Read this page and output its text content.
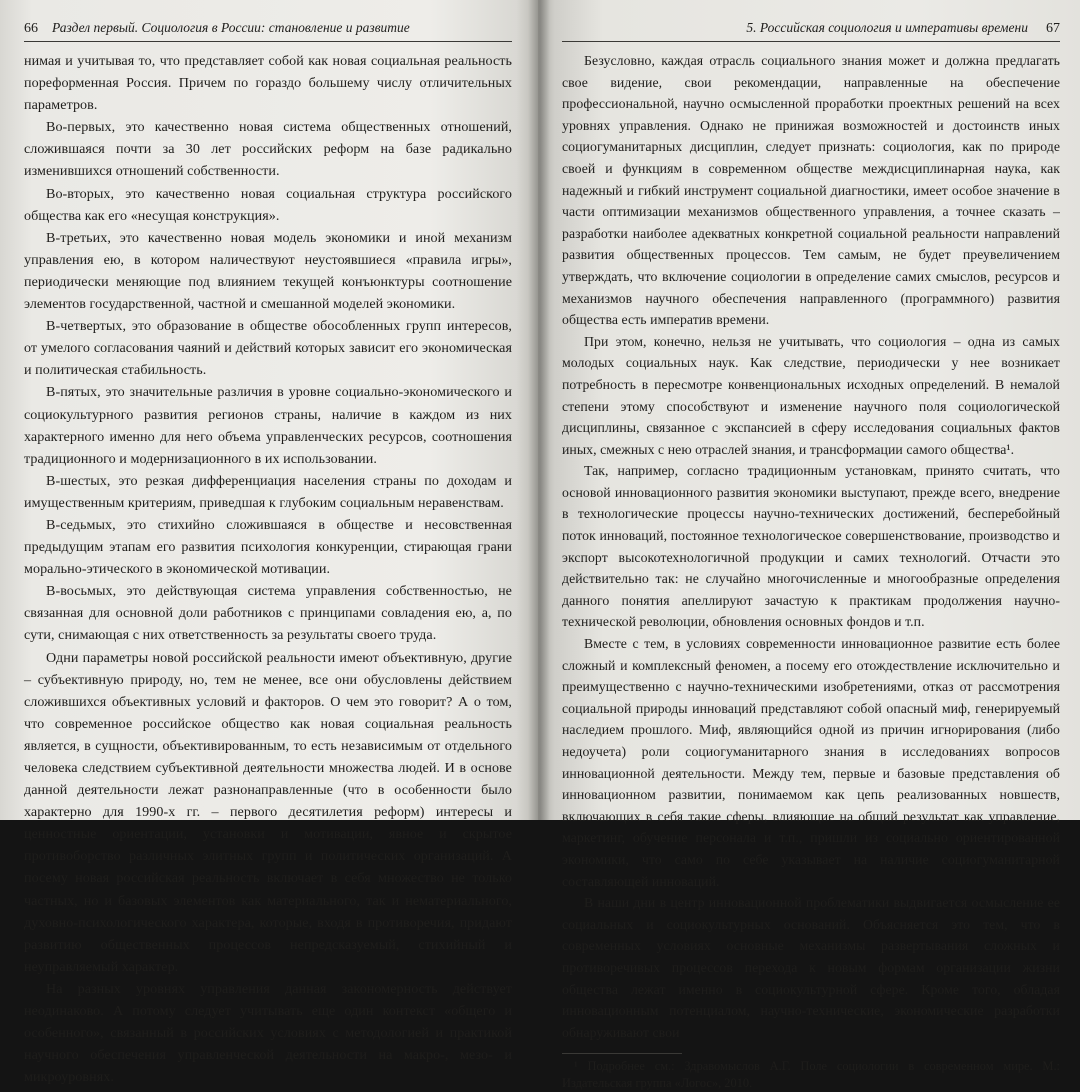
66 Раздел первый. Социология в России: становление и развитие

нимая и учитывая то, что представляет собой как новая социальная реальность пореформенная Россия. Причем по гораздо большему числу отличительных параметров.

Во-первых, это качественно новая система общественных отношений, сложившаяся почти за 30 лет российских реформ на базе радикально изменившихся отношений собственности.

Во-вторых, это качественно новая социальная структура российского общества как его «несущая конструкция».

В-третьих, это качественно новая модель экономики и иной механизм управления ею, в котором наличествуют неустоявшиеся «правила игры», периодически меняющие под влиянием текущей конъюнктуры соотношение элементов государственной, частной и смешанной моделей экономики.

В-четвертых, это образование в обществе обособленных групп интересов, от умелого согласования чаяний и действий которых зависит его экономическая и политическая стабильность.

В-пятых, это значительные различия в уровне социально-экономического и социокультурного развития регионов страны, наличие в каждом из них характерного именно для него объема управленческих ресурсов, соотношения традиционного и модернизационного в их использовании.

В-шестых, это резкая дифференциация населения страны по доходам и имущественным критериям, приведшая к глубоким социальным неравенствам.

В-седьмых, это стихийно сложившаяся в обществе и несовственная предыдущим этапам его развития психология конкуренции, стирающая грани морально-этического в экономической мотивации.

В-восьмых, это действующая система управления собственностью, не связанная для основной доли работников с принципами совладения ею, а, по сути, снимающая с них ответственность за результаты своего труда.

Одни параметры новой российской реальности имеют объективную, другие – субъективную природу, но, тем не менее, все они обусловлены действием сложившихся объективных условий и факторов. О чем это говорит? А о том, что современное российское общество как новая социальная реальность является, в сущности, объективированным, то есть независимым от отдельного человека следствием субъективной деятельности множества людей. И в основе данной деятельности лежат разнонаправленные (что в особенности было характерно для 1990-х гг. – первого десятилетия реформ) интересы и ценностные ориентации, установки и мотивации, явное и скрытое противоборство различных элитных групп и политических организаций. А посему новая российская реальность включает в себя множество не только частных, но и базовых элементов как материального, так и нематериального, духовно-психологического характера, которые, входя в противоречия, придают развитию общественных процессов непредсказуемый, стихийный и неуправляемый характер.

На разных уровнях управления данная закономерность действует неодинаково. А потому следует учитывать еще один контекст «общего и особенного», связанный в российских условиях с методологией и практикой научного обеспечения управленческой деятельности на макро-, мезо- и микроуровнях.

5. Российская социология и императивы времени 67

Безусловно, каждая отрасль социального знания может и должна предлагать свое видение, свои рекомендации, направленные на обеспечение профессиональной, научно осмысленной проработки проектных решений на всех уровнях управления. Однако не принижая возможностей и достоинств иных социогуманитарных дисциплин, следует признать: социология, как по природе своей и функциям в современном обществе междисциплинарная наука, как надежный и гибкий инструмент социальной диагностики, имеет особое значение в части оптимизации механизмов общественного управления, а точнее сказать – разработки наиболее адекватных конкретной социальной реальности направлений развития общественных процессов. Тем самым, не будет преувеличением утверждать, что включение социологии в определение самих смыслов, ресурсов и механизмов научного обеспечения направленного (программного) развития общества есть императив времени.

При этом, конечно, нельзя не учитывать, что социология – одна из самых молодых социальных наук. Как следствие, периодически у нее возникает потребность в пересмотре конвенциональных исходных определений. В немалой степени этому способствуют и изменение научного поля социологической дисциплины, связанное с экспансией в сферу исследования социальных фактов иных, смежных с нею отраслей знания, и трансформации самого общества¹.

Так, например, согласно традиционным установкам, принято считать, что основой инновационного развития экономики выступают, прежде всего, внедрение в технологические процессы научно-технических достижений, бесперебойный поток инноваций, постоянное технологическое совершенствование, производство и экспорт высокотехнологичной продукции и самих технологий. Отчасти это действительно так: не случайно многочисленные и многообразные определения данного понятия апеллируют зачастую к практикам продолжения научно-технической революции, обновления основных фондов и т.п.

Вместе с тем, в условиях современности инновационное развитие есть более сложный и комплексный феномен, а посему его отождествление исключительно и преимущественно с научно-техническими изобретениями, отказ от рассмотрения социальной природы инноваций представляют собой опасный миф, генерируемый наследием прошлого. Миф, являющийся одной из причин игнорирования (либо недоучета) роли социогуманитарного знания в исследованиях вопросов инновационной деятельности. Между тем, первые и базовые представления об инновационном развитии, понимаемом как цепь реализованных новшеств, включающих в себя такие сферы, влияющие на общий результат как управление, маркетинг, обучение персонала и т.п., пришли из социально ориентированной экономики, что само по себе указывает на наличие социогуманитарной составляющей инноваций.

В наши дни в центр инновационной проблематики выдвигается осмысление ее социальных и социокультурных оснований. Объясняется это тем, что в современных условиях основные механизмы развертывания сложных и противоречивых процессов перехода к новым формам организации жизни общества лежат именно в социокультурной сфере. Кроме того, обладая инновационным потенциалом, научно-технические, экономические разработки обнаруживают свои

¹ Подробнее см.: Здравомыслов А.Г. Поле социологии в современном мире. М.: Издательская группа «Логос», 2010.
